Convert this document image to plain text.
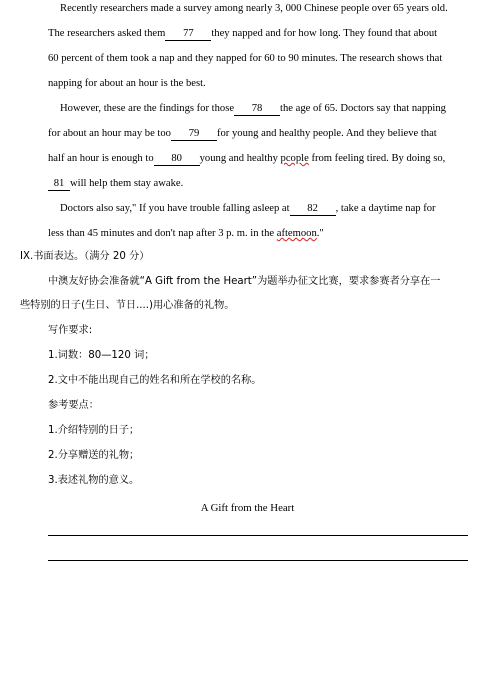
Recently researchers made a survey among nearly 3, 000 Chinese people over 65 years old.
The researchers asked them 77 they napped and for how long. They found that about
60 percent of them took a nap and they napped for 60 to 90 minutes. The research shows that
napping for about an hour is the best.
However, these are the findings for those 78 the age of 65. Doctors say that napping
for about an hour may be too 79 for young and healthy people. And they believe that
half an hour is enough to 80 young and healthy pcople from feeling tired. By doing so,
81 will help them stay awake.
Doctors also say," If you have trouble falling asleep at 82 , take a daytime nap for
less than 45 minutes and don't nap after 3 p. m. in the aftemoon."
IX.书面表达。（满分 20 分）
中澳友好协会准备就“A Gift from the Heart”为题举办征文比赛，要求参赛者分享在一
些特别的日子(生日、节日....)用心准备的礼物。
写作要求:
1.词数：80—120 词；
2.文中不能出现自己的姓名和所在学校的名称。
参考要点：
1.介绍特别的日子；
2.分享赠送的礼物；
3.表述礼物的意义。
A Gift from the Heart
